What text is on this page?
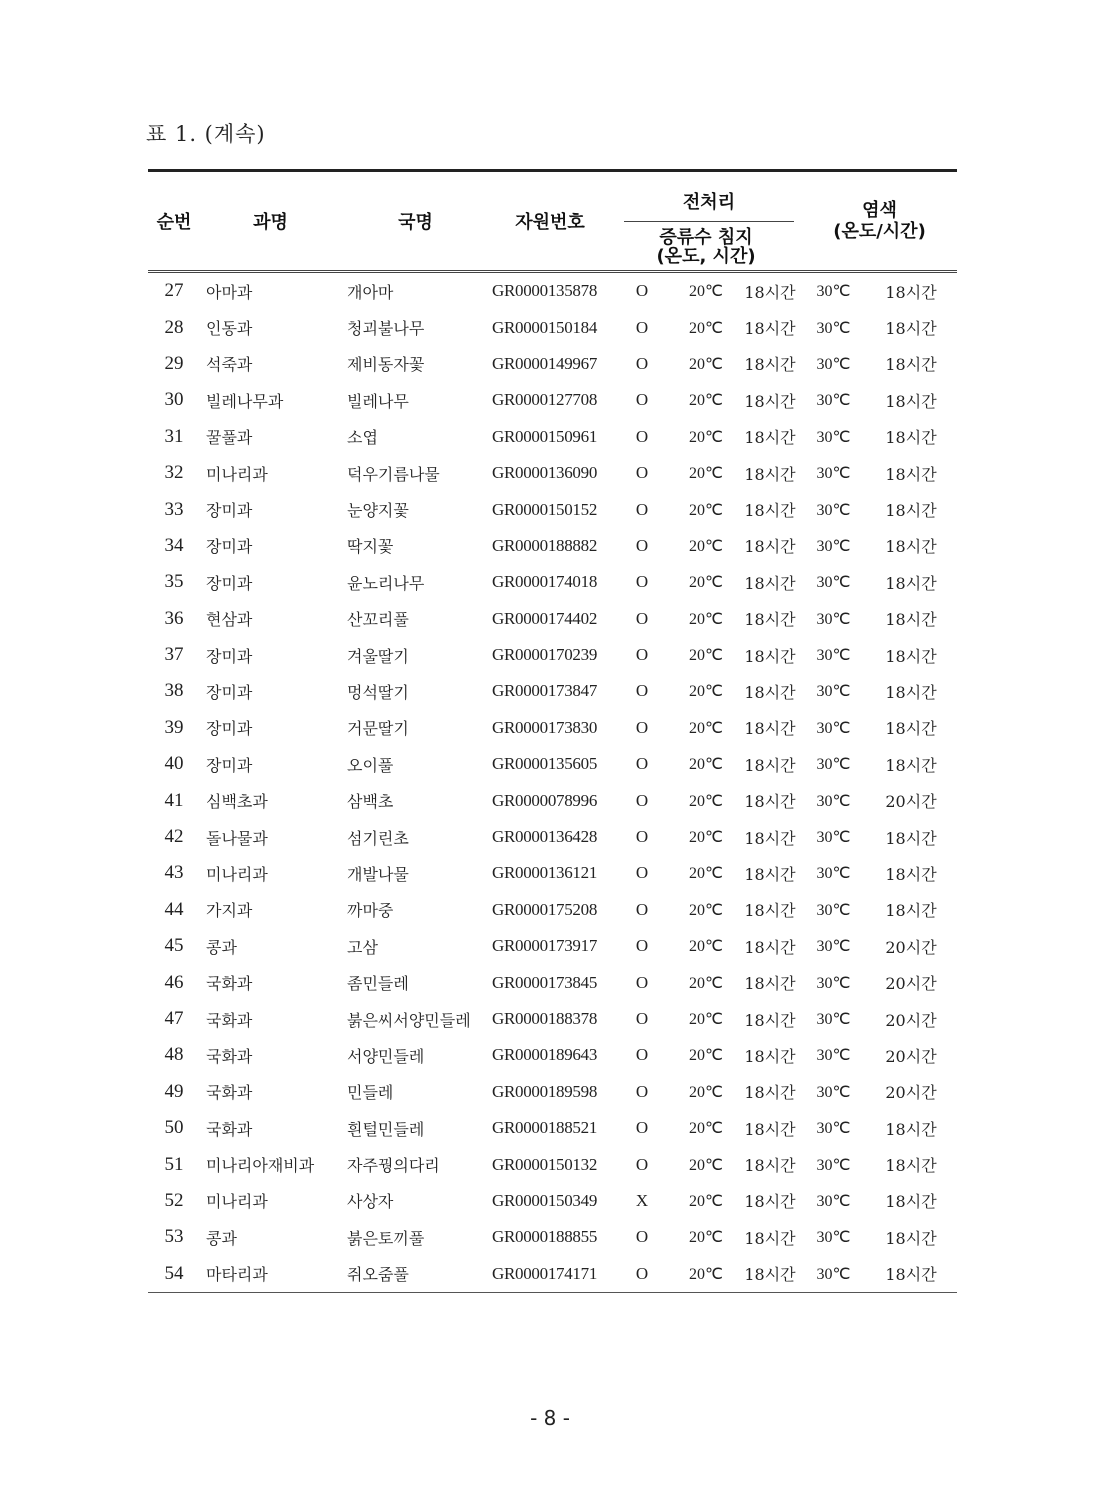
표 1. (계속)
순번	과명	국명	자원번호	전처리			염색
(온도/시간)	

				증류수 침지
(온도, 시간)				

27	아마과	개아마	GR0000135878	O	20℃	18시간	30℃	18시간
28	인동과	청괴불나무	GR0000150184	O	20℃	18시간	30℃	18시간
29	석죽과	제비동자꽃	GR0000149967	O	20℃	18시간	30℃	18시간
30	빌레나무과	빌레나무	GR0000127708	O	20℃	18시간	30℃	18시간
31	꿀풀과	소엽	GR0000150961	O	20℃	18시간	30℃	18시간
32	미나리과	덕우기름나물	GR0000136090	O	20℃	18시간	30℃	18시간
33	장미과	눈양지꽃	GR0000150152	O	20℃	18시간	30℃	18시간
34	장미과	딱지꽃	GR0000188882	O	20℃	18시간	30℃	18시간
35	장미과	윤노리나무	GR0000174018	O	20℃	18시간	30℃	18시간
36	현삼과	산꼬리풀	GR0000174402	O	20℃	18시간	30℃	18시간
37	장미과	겨울딸기	GR0000170239	O	20℃	18시간	30℃	18시간
38	장미과	멍석딸기	GR0000173847	O	20℃	18시간	30℃	18시간
39	장미과	거문딸기	GR0000173830	O	20℃	18시간	30℃	18시간
40	장미과	오이풀	GR0000135605	O	20℃	18시간	30℃	18시간
41	심백초과	삼백초	GR0000078996	O	20℃	18시간	30℃	20시간
42	돌나물과	섬기린초	GR0000136428	O	20℃	18시간	30℃	18시간
43	미나리과	개발나물	GR0000136121	O	20℃	18시간	30℃	18시간
44	가지과	까마중	GR0000175208	O	20℃	18시간	30℃	18시간
45	콩과	고삼	GR0000173917	O	20℃	18시간	30℃	20시간
46	국화과	좀민들레	GR0000173845	O	20℃	18시간	30℃	20시간
47	국화과	붉은씨서양민들레	GR0000188378	O	20℃	18시간	30℃	20시간
48	국화과	서양민들레	GR0000189643	O	20℃	18시간	30℃	20시간
49	국화과	민들레	GR0000189598	O	20℃	18시간	30℃	20시간
50	국화과	흰털민들레	GR0000188521	O	20℃	18시간	30℃	18시간
51	미나리아재비과	자주꿩의다리	GR0000150132	O	20℃	18시간	30℃	18시간
52	미나리과	사상자	GR0000150349	X	20℃	18시간	30℃	18시간
53	콩과	붉은토끼풀	GR0000188855	O	20℃	18시간	30℃	18시간
54	마타리과	쥐오줌풀	GR0000174171	O	20℃	18시간	30℃	18시간
- 8 -
